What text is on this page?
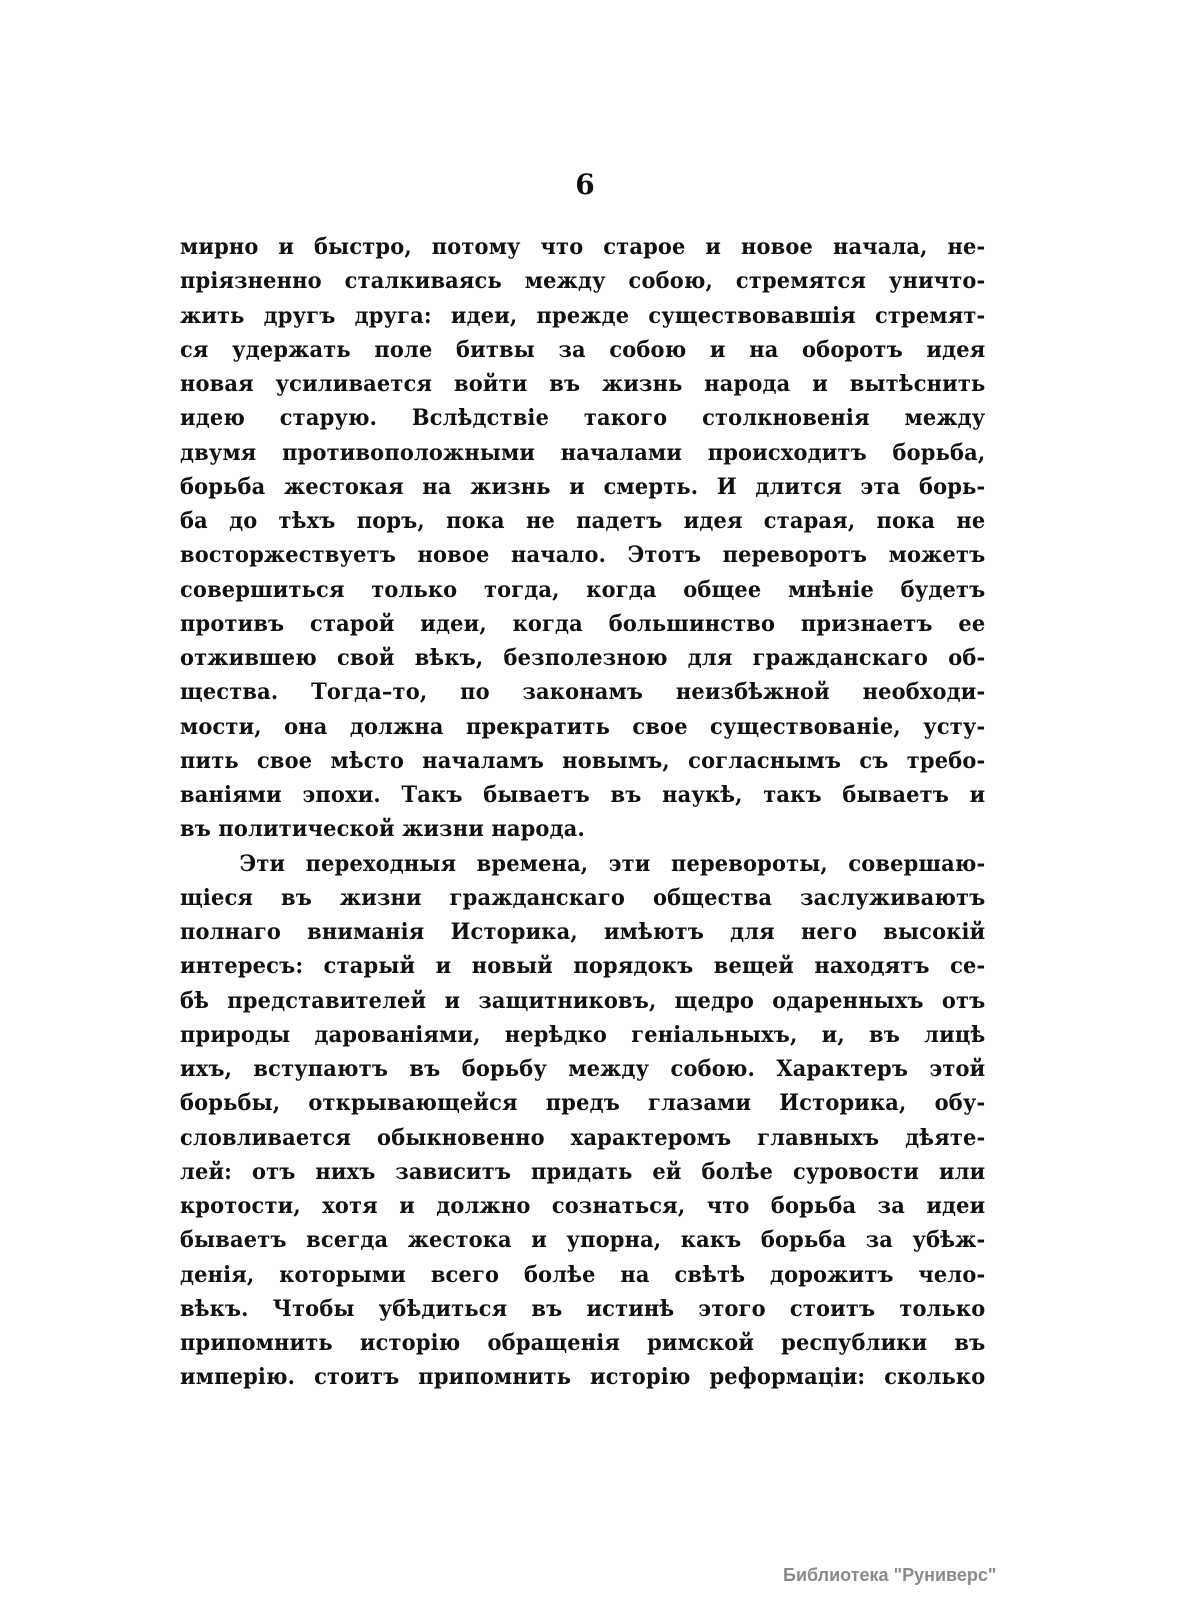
6
мирно и быстро, потому что старое и новое начала, не-
пріязненно сталкиваясь между собою, стремятся уничто-
жить другъ друга: идеи, прежде существовавшія стремят-
ся удержать поле битвы за собою и на оборотъ идея
новая усиливается войти въ жизнь народа и вытѣснить
идею старую. Вслѣдствіе такого столкновенія между
двумя противоположными началами происходитъ борьба,
борьба жестокая на жизнь и смерть. И длится эта борь-
ба до тѣхъ поръ, пока не падетъ идея старая, пока не
восторжествуетъ новое начало. Этотъ переворотъ можетъ
совершиться только тогда, когда общее мнѣніе будетъ
противъ старой идеи, когда большинство признаетъ ее
отжившею свой вѣкъ, безполезною для гражданскаго об-
щества. Тогда–то, по законамъ неизбѣжной необходи-
мости, она должна прекратить свое существованіе, усту-
пить свое мѣсто началамъ новымъ, согласнымъ съ требо-
ваніями эпохи. Такъ бываетъ въ наукѣ, такъ бываетъ и
въ политической жизни народа.
Эти переходныя времена, эти перевороты, совершаю-
щіеся въ жизни гражданскаго общества заслуживаютъ
полнаго вниманія Историка, имѣютъ для него высокій
интересъ: старый и новый порядокъ вещей находятъ се-
бѣ представителей и защитниковъ, щедро одаренныхъ отъ
природы дарованіями, нерѣдко геніальныхъ, и, въ лицѣ
ихъ, вступаютъ въ борьбу между собою. Характеръ этой
борьбы, открывающейся предъ глазами Историка, обу-
словливается обыкновенно характеромъ главныхъ дѣяте-
лей: отъ нихъ зависитъ придать ей болѣе суровости или
кротости, хотя и должно сознаться, что борьба за идеи
бываетъ всегда жестока и упорна, какъ борьба за убѣж-
денія, которыми всего болѣе на свѣтѣ дорожитъ чело-
вѣкъ. Чтобы убѣдиться въ истинѣ этого стоитъ только
припомнить исторію обращенія римской республики въ
имперію. стоитъ припомнить исторію реформаціи: сколько
Библиотека "Руниверс"
